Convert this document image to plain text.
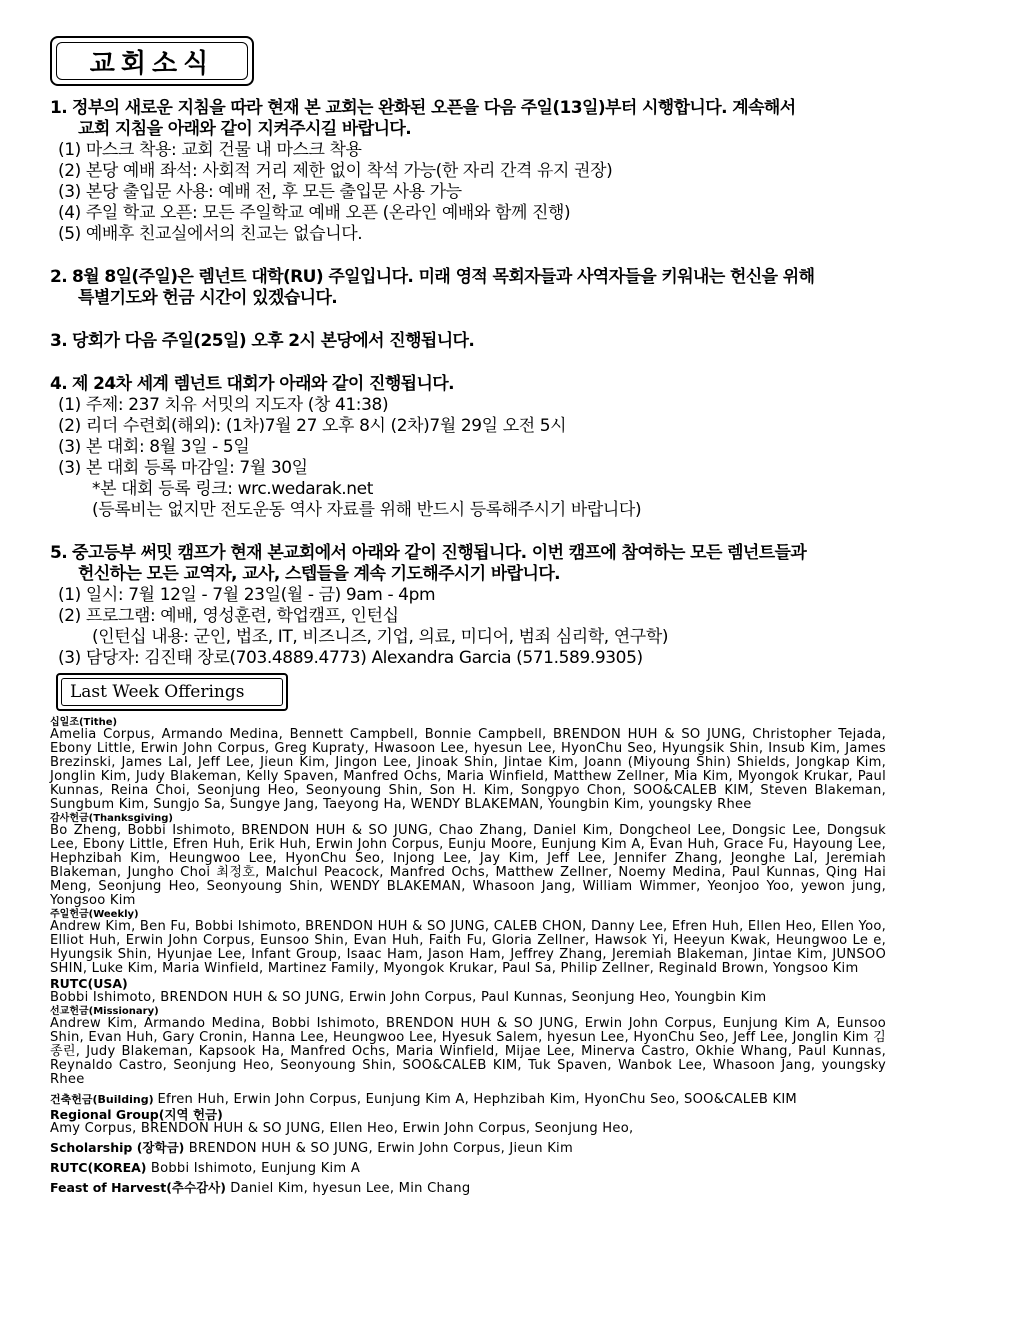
교회소식
1. 정부의 새로운 지침을 따라 현재 본 교회는 완화된 오픈을 다음 주일(13일)부터 시행합니다. 계속해서
교회 지침을 아래와 같이 지켜주시길 바랍니다.
(1) 마스크 착용: 교회 건물 내 마스크 착용
(2) 본당 예배 좌석: 사회적 거리 제한 없이 착석 가능(한 자리 간격 유지 권장)
(3) 본당 출입문 사용: 예배 전, 후 모든 출입문 사용 가능
(4) 주일 학교 오픈: 모든 주일학교 예배 오픈 (온라인 예배와 함께 진행)
(5) 예배후 친교실에서의 친교는 없습니다.
2. 8월 8일(주일)은 렘넌트 대학(RU) 주일입니다. 미래 영적 목회자들과 사역자들을 키워내는 헌신을 위해
특별기도와 헌금 시간이 있겠습니다.
3. 당회가 다음 주일(25일) 오후 2시 본당에서 진행됩니다.
4. 제 24차 세계 렘넌트 대회가 아래와 같이 진행됩니다.
(1) 주제: 237 치유 서밋의 지도자 (창 41:38)
(2) 리더 수련회(해외): (1차)7월 27 오후 8시 (2차)7월 29일 오전 5시
(3) 본 대회: 8월 3일 - 5일
(3) 본 대회 등록 마감일: 7월 30일
*본 대회 등록 링크: wrc.wedarak.net
(등록비는 없지만 전도운동 역사 자료를 위해 반드시 등록해주시기 바랍니다)
5. 중고등부 써밋 캠프가 현재 본교회에서 아래와 같이 진행됩니다. 이번 캠프에 참여하는 모든 렘넌트들과
헌신하는 모든 교역자, 교사, 스텝들을 계속 기도해주시기 바랍니다.
(1) 일시: 7월 12일 - 7월 23일(월 - 금) 9am - 4pm
(2) 프로그램: 예배, 영성훈련, 학업캠프, 인턴십
(인턴십 내용: 군인, 법조, IT, 비즈니즈, 기업, 의료, 미디어, 범죄 심리학, 연구학)
(3) 담당자: 김진태 장로(703.4889.4773) Alexandra Garcia (571.589.9305)
Last Week Offerings
십일조(Tithe)
Amelia Corpus, Armando Medina, Bennett Campbell, Bonnie Campbell, BRENDON HUH & SO JUNG, Christopher Tejada, Ebony Little, Erwin John Corpus, Greg Kupraty, Hwasoon Lee, hyesun Lee, HyonChu Seo, Hyungsik Shin, Insub Kim, James Brezinski, James Lal, Jeff Lee, Jieun Kim, Jingon Lee, Jinoak Shin, Jintae Kim, Joann (Miyoung Shin) Shields, Jongkap Kim, Jonglin Kim, Judy Blakeman, Kelly Spaven, Manfred Ochs, Maria Winfield, Matthew Zellner, Mia Kim, Myongok Krukar, Paul Kunnas, Reina Choi, Seonjung Heo, Seonyoung Shin, Son H. Kim, Songpyo Chon, SOO&CALEB KIM, Steven Blakeman, Sungbum Kim, Sungjo Sa, Sungye Jang, Taeyong Ha, WENDY BLAKEMAN, Youngbin Kim, youngsky Rhee
감사헌금(Thanksgiving)
Bo Zheng, Bobbi Ishimoto, BRENDON HUH & SO JUNG, Chao Zhang, Daniel Kim, Dongcheol Lee, Dongsic Lee, Dongsuk Lee, Ebony Little, Efren Huh, Erik Huh, Erwin John Corpus, Eunju Moore, Eunjung Kim A, Evan Huh, Grace Fu, Hayoung Lee, Hephzibah Kim, Heungwoo Lee, HyonChu Seo, Injong Lee, Jay Kim, Jeff Lee, Jennifer Zhang, Jeonghe Lal, Jeremiah Blakeman, Jungho Choi 최정호, Malchul Peacock, Manfred Ochs, Matthew Zellner, Noemy Medina, Paul Kunnas, Qing Hai Meng, Seonjung Heo, Seonyoung Shin, WENDY BLAKEMAN, Whasoon Jang, William Wimmer, Yeonjoo Yoo, yewon jung, Yongsoo Kim
주일헌금(Weekly)
Andrew Kim, Ben Fu, Bobbi Ishimoto, BRENDON HUH & SO JUNG, CALEB CHON, Danny Lee, Efren Huh, Ellen Heo, Ellen Yoo, Elliot Huh, Erwin John Corpus, Eunsoo Shin, Evan Huh, Faith Fu, Gloria Zellner, Hawsok Yi, Heeyun Kwak, Heungwoo Le e, Hyungsik Shin, Hyunjae Lee, Infant Group, Isaac Ham, Jason Ham, Jeffrey Zhang, Jeremiah Blakeman, Jintae Kim, JUNSOO SHIN, Luke Kim, Maria Winfield, Martinez Family, Myongok Krukar, Paul Sa, Philip Zellner, Reginald Brown, Yongsoo Kim
RUTC(USA)
Bobbi Ishimoto, BRENDON HUH & SO JUNG, Erwin John Corpus, Paul Kunnas, Seonjung Heo, Youngbin Kim
선교헌금(Missionary)
Andrew Kim, Armando Medina, Bobbi Ishimoto, BRENDON HUH & SO JUNG, Erwin John Corpus, Eunjung Kim A, Eunsoo Shin, Evan Huh, Gary Cronin, Hanna Lee, Heungwoo Lee, Hyesuk Salem, hyesun Lee, HyonChu Seo, Jeff Lee, Jonglin Kim 김종린, Judy Blakeman, Kapsook Ha, Manfred Ochs, Maria Winfield, Mijae Lee, Minerva Castro, Okhie Whang, Paul Kunnas, Reynaldo Castro, Seonjung Heo, Seonyoung Shin, SOO&CALEB KIM, Tuk Spaven, Wanbok Lee, Whasoon Jang, youngsky Rhee
건축헌금(Building) Efren Huh, Erwin John Corpus, Eunjung Kim A, Hephzibah Kim, HyonChu Seo, SOO&CALEB KIM
Regional Group(지역 헌금)
Amy Corpus, BRENDON HUH & SO JUNG, Ellen Heo, Erwin John Corpus, Seonjung Heo,
Scholarship (장학금) BRENDON HUH & SO JUNG, Erwin John Corpus, Jieun Kim
RUTC(KOREA) Bobbi Ishimoto, Eunjung Kim A
Feast of Harvest(추수감사) Daniel Kim, hyesun Lee, Min Chang
